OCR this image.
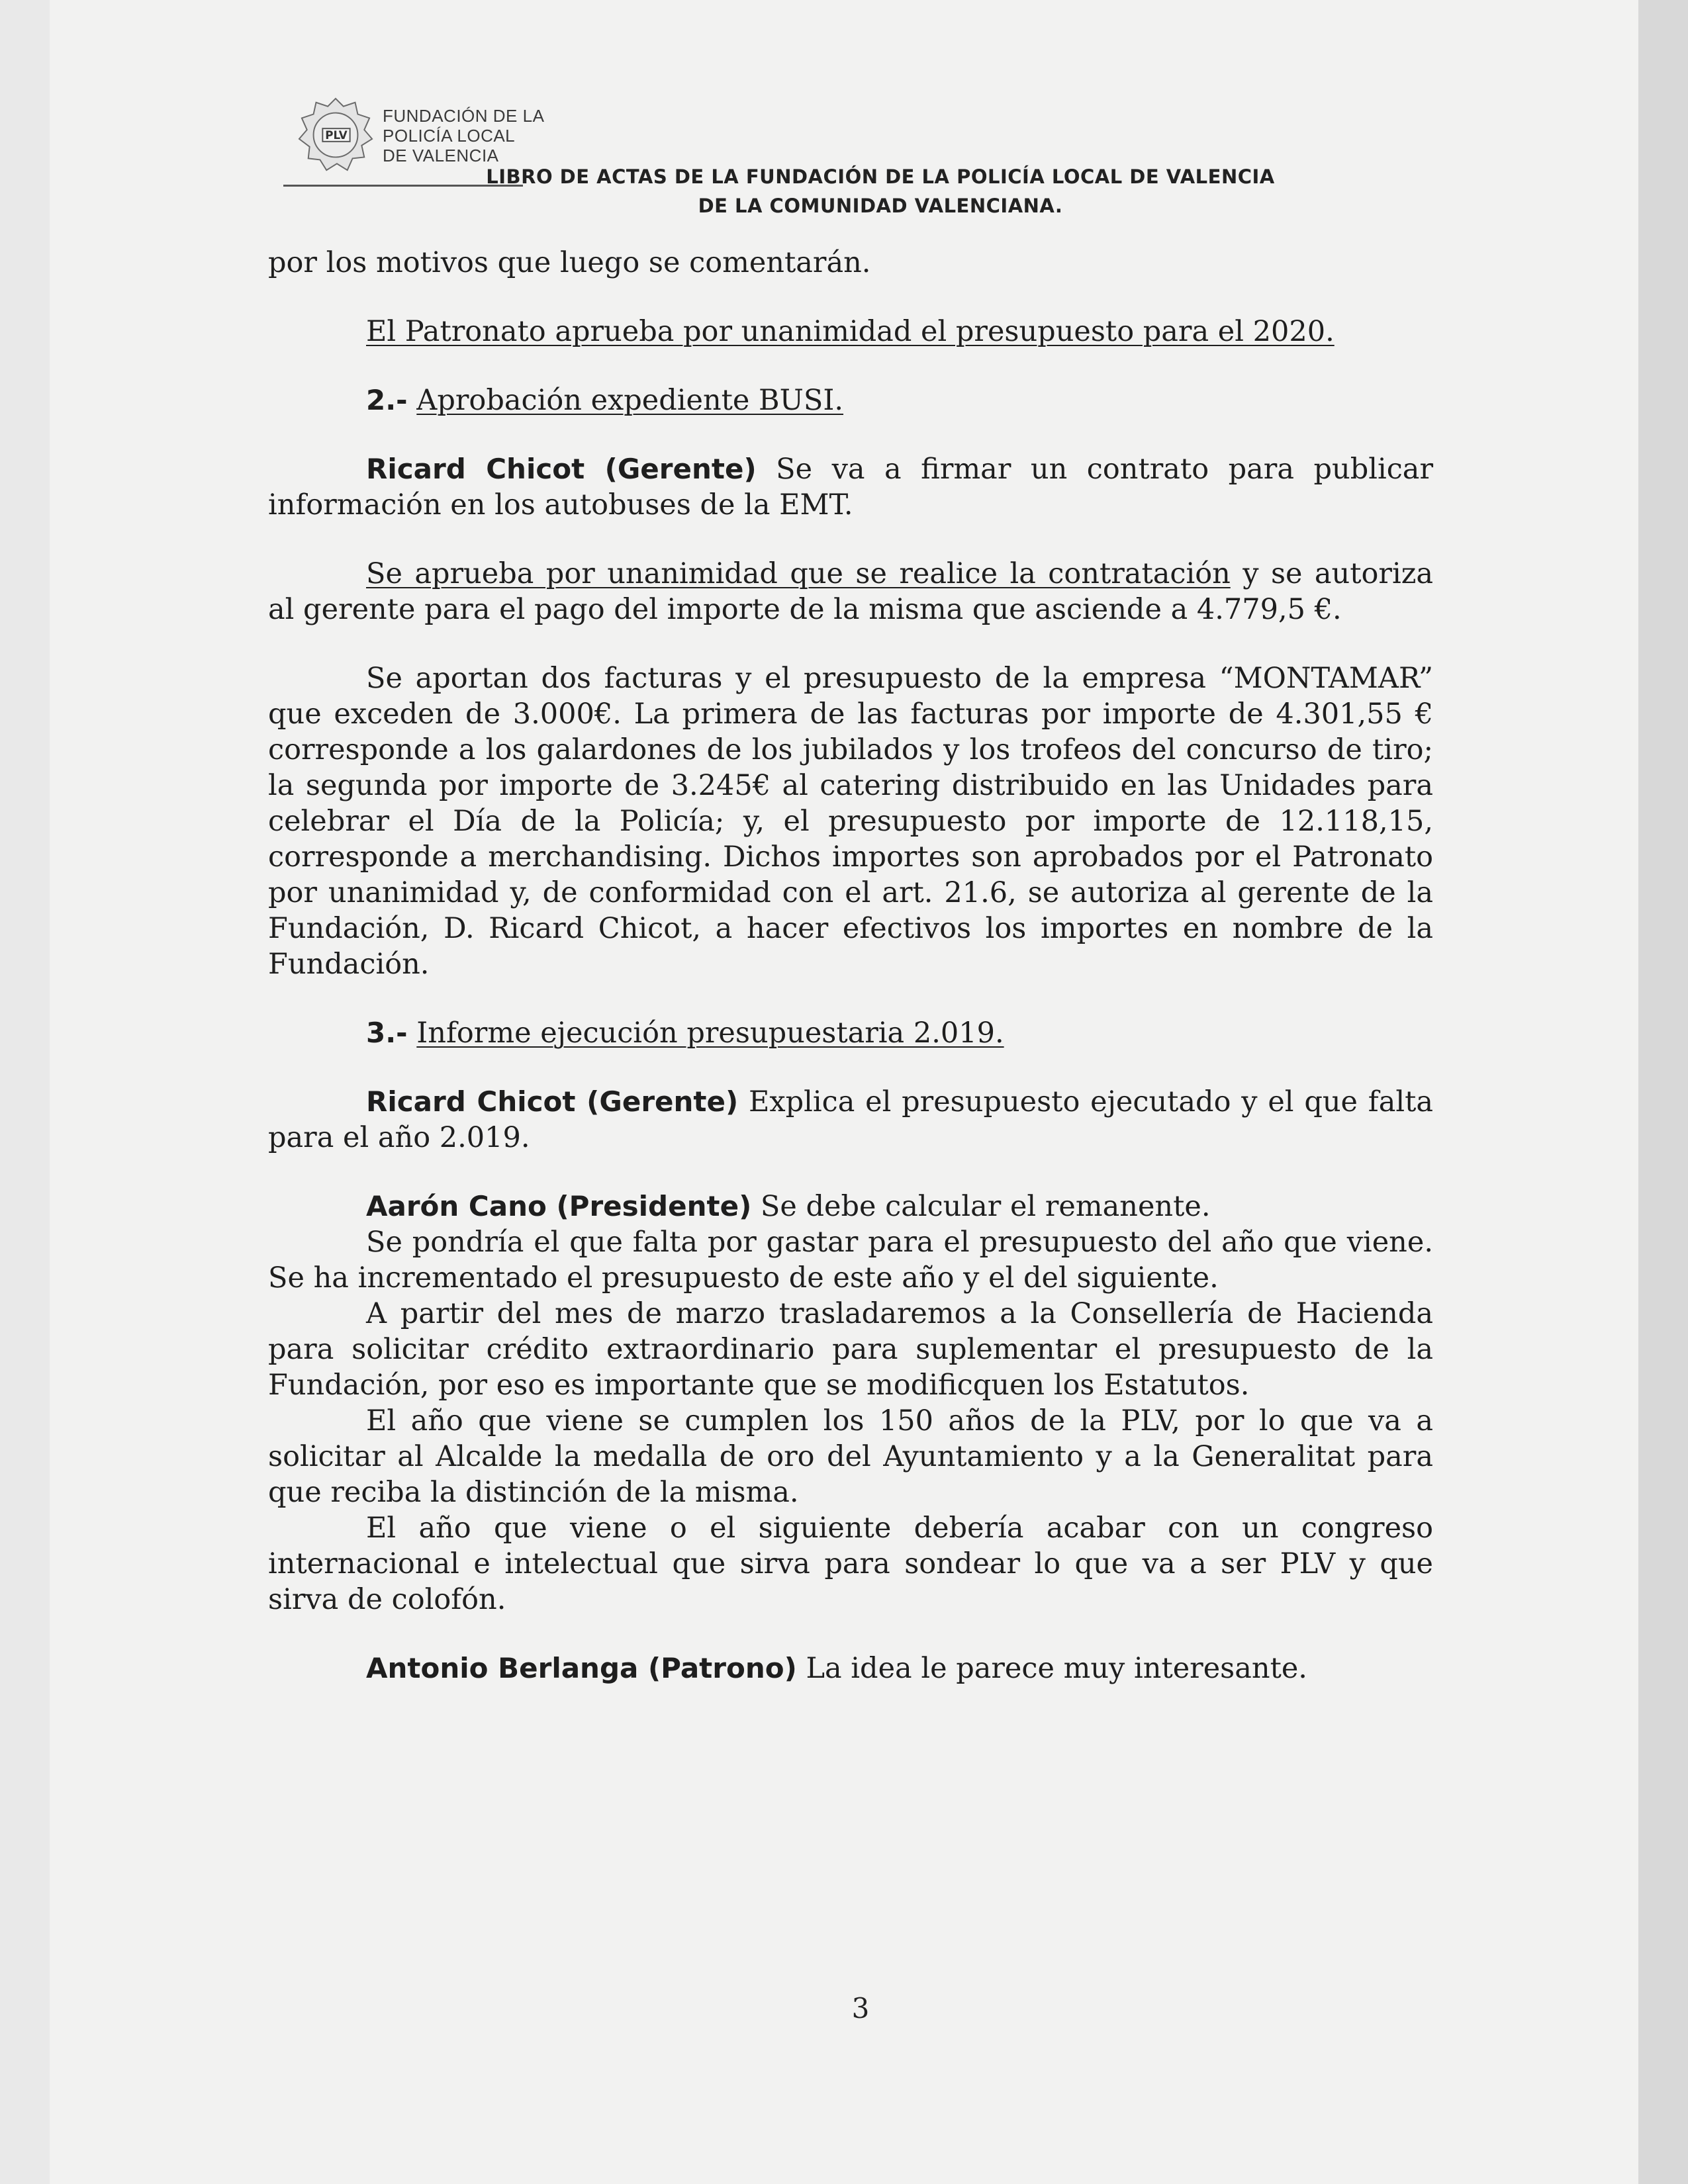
PLV
FUNDACIÓN DE LA
POLICÍA LOCAL
DE VALENCIA
LIBRO DE ACTAS DE LA FUNDACIÓN DE LA POLICÍA LOCAL DE VALENCIA
DE LA COMUNIDAD VALENCIANA.

por los motivos que luego se comentarán.

El Patronato aprueba por unanimidad el presupuesto para el 2020.

2.- Aprobación expediente BUSI.

Ricard Chicot (Gerente) Se va a firmar un contrato para publicar información en los autobuses de la EMT.

Se aprueba por unanimidad que se realice la contratación y se autoriza al gerente para el pago del importe de la misma que asciende a 4.779,5 €.

Se aportan dos facturas y el presupuesto de la empresa “MONTAMAR” que exceden de 3.000€. La primera de las facturas por importe de 4.301,55 € corresponde a los galardones de los jubilados y los trofeos del concurso de tiro; la segunda por importe de 3.245€ al catering distribuido en las Unidades para celebrar el Día de la Policía; y, el presupuesto por importe de 12.118,15, corresponde a merchandising. Dichos importes son aprobados por el Patronato por unanimidad y, de conformidad con el art. 21.6, se autoriza al gerente de la Fundación, D. Ricard Chicot, a hacer efectivos los importes en nombre de la Fundación.

3.- Informe ejecución presupuestaria 2.019.

Ricard Chicot (Gerente) Explica el presupuesto ejecutado y el que falta para el año 2.019.

Aarón Cano (Presidente) Se debe calcular el remanente.

Se pondría el que falta por gastar para el presupuesto del año que viene. Se ha incrementado el presupuesto de este año y el del siguiente.

A partir del mes de marzo trasladaremos a la Consellería de Hacienda para solicitar crédito extraordinario para suplementar el presupuesto de la Fundación, por eso es importante que se modificquen los Estatutos.

El año que viene se cumplen los 150 años de la PLV, por lo que va a solicitar al Alcalde la medalla de oro del Ayuntamiento y a la Generalitat para que reciba la distinción de la misma.

El año que viene o el siguiente debería acabar con un congreso internacional e intelectual que sirva para sondear lo que va a ser PLV y que sirva de colofón.

Antonio Berlanga (Patrono) La idea le parece muy interesante.

3
